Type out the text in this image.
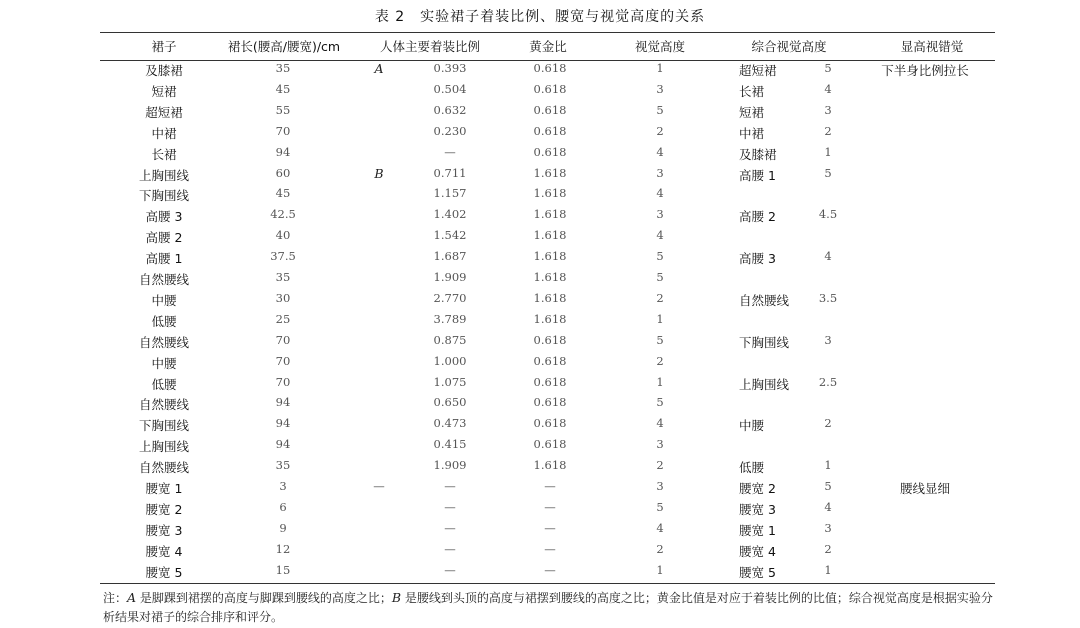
表 2　实验裙子着装比例、腰宽与视觉高度的关系
裙子	裙长(腰高/腰宽)/cm	人体主要着装比例	黄金比	视觉高度	综合视觉高度	显高视错觉
及膝裙	35	A	0.393	0.618	1	超短裙	5	下半身比例拉长
短裙	45	0.504	0.618	3	长裙	4
超短裙	55	0.632	0.618	5	短裙	3
中裙	70	0.230	0.618	2	中裙	2
长裙	94	—	0.618	4	及膝裙	1
上胸围线	60	B	0.711	1.618	3	高腰 1	5
下胸围线	45	1.157	1.618	4
高腰 3	42.5	1.402	1.618	3	高腰 2	4.5
高腰 2	40	1.542	1.618	4
高腰 1	37.5	1.687	1.618	5	高腰 3	4
自然腰线	35	1.909	1.618	5
中腰	30	2.770	1.618	2	自然腰线	3.5
低腰	25	3.789	1.618	1
自然腰线	70	0.875	0.618	5	下胸围线	3
中腰	70	1.000	0.618	2
低腰	70	1.075	0.618	1	上胸围线	2.5
自然腰线	94	0.650	0.618	5
下胸围线	94	0.473	0.618	4	中腰	2
上胸围线	94	0.415	0.618	3
自然腰线	35	1.909	1.618	2	低腰	1
腰宽 1	3	—	—	—	3	腰宽 2	5	腰线显细
腰宽 2	6	—	—	5	腰宽 3	4
腰宽 3	9	—	—	4	腰宽 1	3
腰宽 4	12	—	—	2	腰宽 4	2
腰宽 5	15	—	—	1	腰宽 5	1
注：A 是脚踝到裙摆的高度与脚踝到腰线的高度之比；B 是腰线到头顶的高度与裙摆到腰线的高度之比；黄金比值是对应于着装比例的比值；综合视觉高度是根据实验分析结果对裙子的综合排序和评分。
